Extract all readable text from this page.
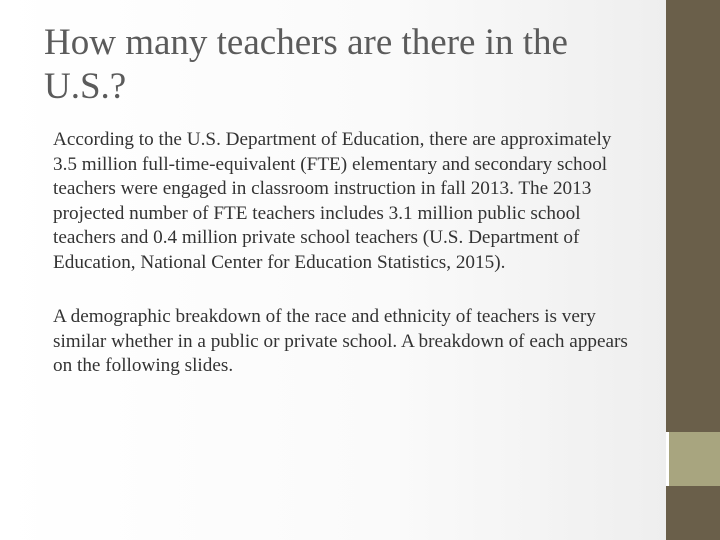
How many teachers are there in the U.S.?

According to the U.S. Department of Education, there are approximately 3.5 million full-time-equivalent (FTE) elementary and secondary school teachers were engaged in classroom instruction in fall 2013. The 2013 projected number of FTE teachers includes 3.1 million public school teachers and 0.4 million private school teachers (U.S. Department of Education, National Center for Education Statistics, 2015).

A demographic breakdown of the race and ethnicity of teachers is very similar whether in a public or private school. A breakdown of each appears on the following slides.
